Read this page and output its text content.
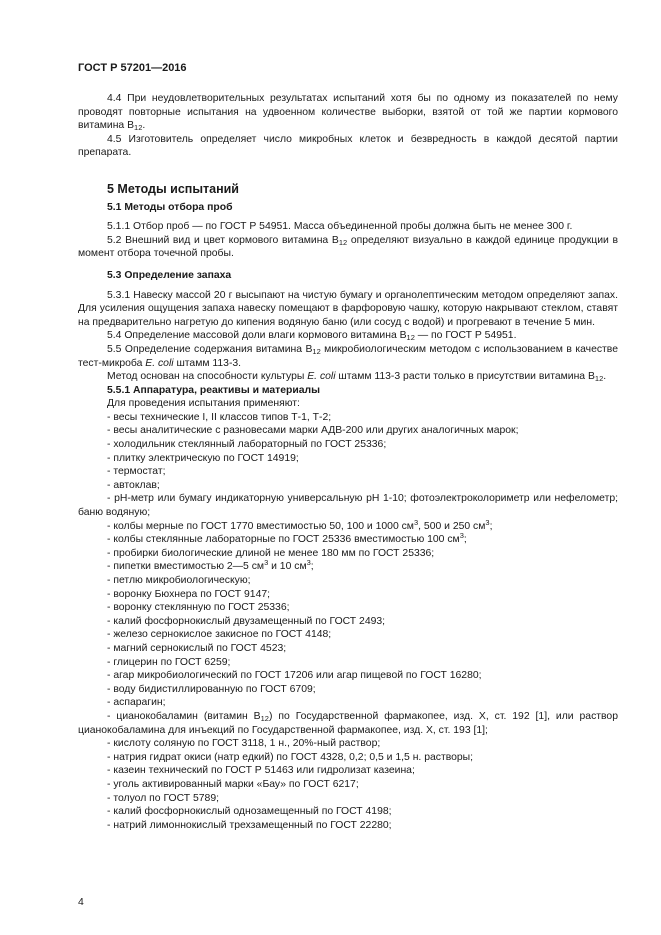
ГОСТ Р 57201—2016

4.4 При неудовлетворительных результатах испытаний хотя бы по одному из показателей по нему проводят повторные испытания на удвоенном количестве выборки, взятой от той же партии кормового витамина $В_{12}$.

4.5 Изготовитель определяет число микробных клеток и безвредность в каждой десятой партии препарата.

5 Методы испытаний

5.1 Методы отбора проб

5.1.1 Отбор проб — по ГОСТ Р 54951. Масса объединенной пробы должна быть не менее 300 г.

5.2 Внешний вид и цвет кормового витамина $В_{12}$ определяют визуально в каждой единице продукции в момент отбора точечной пробы.

5.3 Определение запаха

5.3.1 Навеску массой 20 г высыпают на чистую бумагу и органолептическим методом определяют запах. Для усиления ощущения запаха навеску помещают в фарфоровую чашку, которую накрывают стеклом, ставят на предварительно нагретую до кипения водяную баню (или сосуд с водой) и прогревают в течение 5 мин.

5.4 Определение массовой доли влаги кормового витамина $В_{12}$ — по ГОСТ Р 54951.

5.5 Определение содержания витамина $В_{12}$ микробиологическим методом с использованием в качестве тест-микроба E. coli штамм 113-3.

Метод основан на способности культуры E. coli штамм 113-3 расти только в присутствии витамина $В_{12}$.

5.5.1 Аппаратура, реактивы и материалы

Для проведения испытания применяют:

- весы технические I, II классов типов Т-1, Т-2;

- весы аналитические с разновесами марки АДВ-200 или других аналогичных марок;

- холодильник стеклянный лабораторный по ГОСТ 25336;

- плитку электрическую по ГОСТ 14919;

- термостат;

- автоклав;

- рН-метр или бумагу индикаторную универсальную рН 1-10; фотоэлектроколориметр или нефелометр; баню водяную;

- колбы мерные по ГОСТ 1770 вместимостью 50, 100 и 1000 $см^3$, 500 и 250 $см^3$;

- колбы стеклянные лабораторные по ГОСТ 25336 вместимостью 100 $см^3$;

- пробирки биологические длиной не менее 180 мм по ГОСТ 25336;

- пипетки вместимостью 2—5 $см^3$ и 10 $см^3$;

- петлю микробиологическую;

- воронку Бюхнера по ГОСТ 9147;

- воронку стеклянную по ГОСТ 25336;

- калий фосфорнокислый двузамещенный по ГОСТ 2493;

- железо сернокислое закисное по ГОСТ 4148;

- магний сернокислый по ГОСТ 4523;

- глицерин по ГОСТ 6259;

- агар микробиологический по ГОСТ 17206 или агар пищевой по ГОСТ 16280;

- воду бидистиллированную по ГОСТ 6709;

- аспарагин;

- цианокобаламин (витамин $В_{12}$) по Государственной фармакопее, изд. X, ст. 192 [1], или раствор цианокобаламина для инъекций по Государственной фармакопее, изд. X, ст. 193 [1];

- кислоту соляную по ГОСТ 3118, 1 н., 20%-ный раствор;

- натрия гидрат окиси (натр едкий) по ГОСТ 4328, 0,2; 0,5 и 1,5 н. растворы;

- казеин технический по ГОСТ Р 51463 или гидролизат казеина;

- уголь активированный марки «Бау» по ГОСТ 6217;

- толуол по ГОСТ 5789;

- калий фосфорнокислый однозамещенный по ГОСТ 4198;

- натрий лимоннокислый трехзамещенный по ГОСТ 22280;

4
